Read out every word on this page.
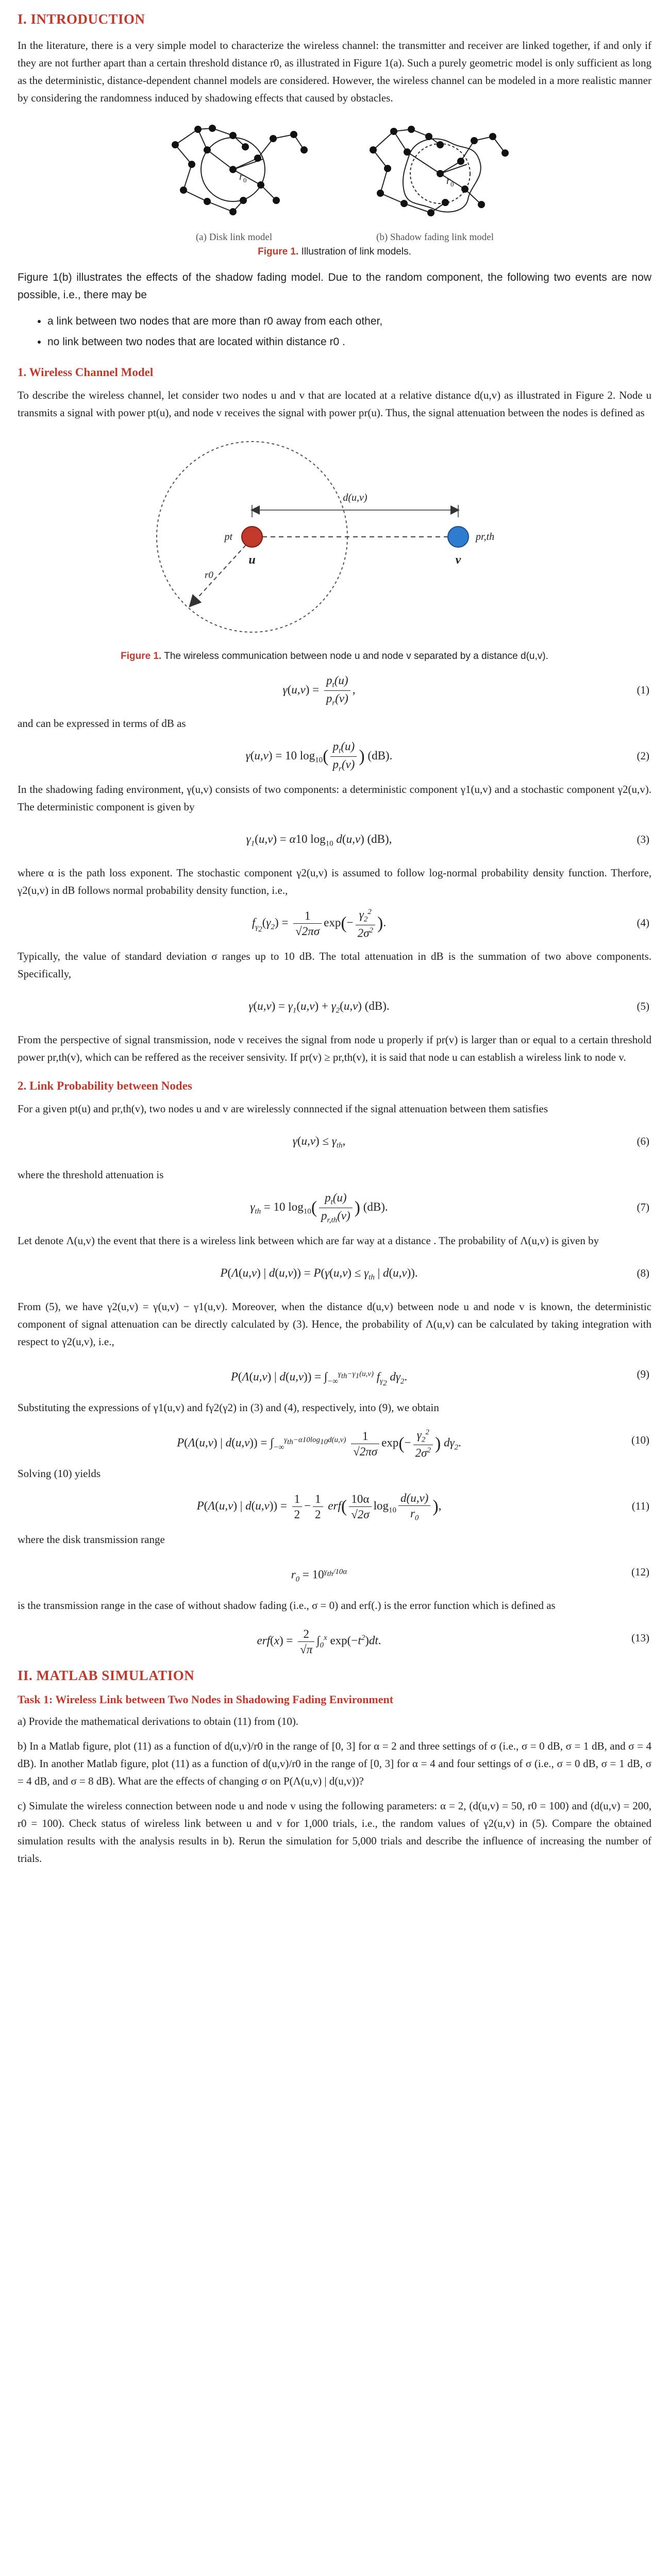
I. INTRODUCTION

In the literature, there is a very simple model to characterize the wireless channel: the transmitter and receiver are linked together, if and only if they are not further apart than a certain threshold distance r0, as illustrated in Figure 1(a). Such a purely geometric model is only sufficient as long as the deterministic, distance-dependent channel models are considered. However, the wireless channel can be modeled in a more realistic manner by considering the randomness induced by shadowing effects that caused by obstacles.

r 0
(a) Disk link model
r 0
(b) Shadow fading link model
Figure 1. Illustration of link models.

Figure 1(b) illustrates the effects of the shadow fading model. Due to the random component, the following two events are now possible, i.e., there may be

• a link between two nodes that are more than r0 away from each other,
• no link between two nodes that are located within distance r0 .
1. Wireless Channel Model

To describe the wireless channel, let consider two nodes u and v that are located at a relative distance d(u,v) as illustrated in Figure 2. Node u transmits a signal with power pt(u), and node v receives the signal with power pr(u). Thus, the signal attenuation between the nodes is defined as

d(u,v)
pt	pr,th
u	v
r0
Figure 1. The wireless communication between node u and node v separated by a distance d(u,v).
$\gamma(u,v) = \frac{p_t(u)}{p_r(v)}$ ,	(1)

and can be expressed in terms of dB as

γ(u,v) = 10 $\log_{10}( \frac{p_t(u)}{p_r(v)}$ ) (dB).	(2)

In the shadowing fading environment, γ(u,v) consists of two components: a deterministic component γ1(u,v) and a stochastic component γ2(u,v). The deterministic component is given by

$\gamma_1(u,v) = \alpha 10$ $\log_{10} d(u,v)$ (dB),	(3)

where α is the path loss exponent. The stochastic component γ2(u,v) is assumed to follow log-normal probability density function. Therfore, γ2(u,v) in dB follows normal probability density function, i.e.,

$f_{\gamma_2}(\gamma_2) = \frac{1}{√2\pi\sigma} \exp(- \frac{\gamma_2^2}{2\sigma^2}$ ).	(4)

Typically, the value of standard deviation σ ranges up to 10 dB. The total attenuation in dB is the summation of two above components. Specifically,

$\gamma(u,v) = \gamma_1(u,v) + \gamma_2(u,v)$ (dB).	(5)

From the perspective of signal transmission, node v receives the signal from node u properly if pr(v) is larger than or equal to a certain threshold power pr,th(v), which can be reffered as the receiver sensivity. If pr(v) ≥ pr,th(v), it is said that node u can establish a wireless link to node v.

2. Link Probability between Nodes

For a given pt(u) and pr,th(v), two nodes u and v are wirelessly connnected if the signal attenuation between them satisfies

$\gamma(u,v) \le \gamma_{th}$,	(6)

where the threshold attenuation is

$\gamma_{th} = 10$ $\log_{10}( \frac{p_t(u)}{p_{r,th}(v)}$ ) (dB).	(7)

Let denote Λ(u,v) the event that there is a wireless link between which are far way at a distance . The probability of Λ(u,v) is given by

P(Λ(u,v) | $d(u,v)) = P(\gamma(u,v) \le \gamma_{th}$ | d(u,v)).	(8)

From (5), we have γ2(u,v) = γ(u,v) − γ1(u,v). Moreover, when the distance d(u,v) between node u and node v is known, the deterministic component of signal attenuation can be directly calculated by (3). Hence, the probability of Λ(u,v) can be calculated by taking integration with respect to γ2(u,v), i.e.,

P(Λ(u,v) | $d(u,v)) = \int_{-\infty}^{\gamma_{th}-\gamma_1(u,v)}$ $f_{\gamma_2}$ $d\gamma_2$.	(9)

Substituting the expressions of γ1(u,v) and fγ2(γ2) in (3) and (4), respectively, into (9), we obtain

P(Λ(u,v) | $d(u,v)) = \int_{-\infty}^{\gamma_{th}-\alpha 10log_{10}d(u,v)} \frac{1}{√2\pi\sigma} \exp(- \frac{\gamma_2^2}{2\sigma^2}$ ) $d\gamma_2$.	(10)

Solving (10) yields

P(Λ(u,v) | $d(u,v)) = \frac{1}{2} - \frac{1}{2} erf( \frac{10\alpha}{√2\sigma} \log_{10} \frac{d(u,v)}{r_0}$ ),	(11)

where the disk transmission range

$r_0 = 10^{\gamma_{th}/10\alpha}$	(12)

is the transmission range in the case of without shadow fading (i.e., σ = 0) and erf(.) is the error function which is defined as

$erf(x) = \frac{2}{√\pi} \int_0^x$ $\exp(-t^2)dt$.	(13)
II. MATLAB SIMULATION
Task 1: Wireless Link between Two Nodes in Shadowing Fading Environment

a) Provide the mathematical derivations to obtain (11) from (10).

b) In a Matlab figure, plot (11) as a function of d(u,v)/r0 in the range of [0, 3] for α = 2 and three settings of σ (i.e., σ = 0 dB, σ = 1 dB, and σ = 4 dB). In another Matlab figure, plot (11) as a function of d(u,v)/r0 in the range of [0, 3] for α = 4 and four settings of σ (i.e., σ = 0 dB, σ = 1 dB, σ = 4 dB, and σ = 8 dB). What are the effects of changing σ on P(Λ(u,v) | d(u,v))?

c) Simulate the wireless connection between node u and node v using the following parameters: α = 2, (d(u,v) = 50, r0 = 100) and (d(u,v) = 200, r0 = 100). Check status of wireless link between u and v for 1,000 trials, i.e., the random values of γ2(u,v) in (5). Compare the obtained simulation results with the analysis results in b). Rerun the simulation for 5,000 trials and describe the influence of increasing the number of trials.
